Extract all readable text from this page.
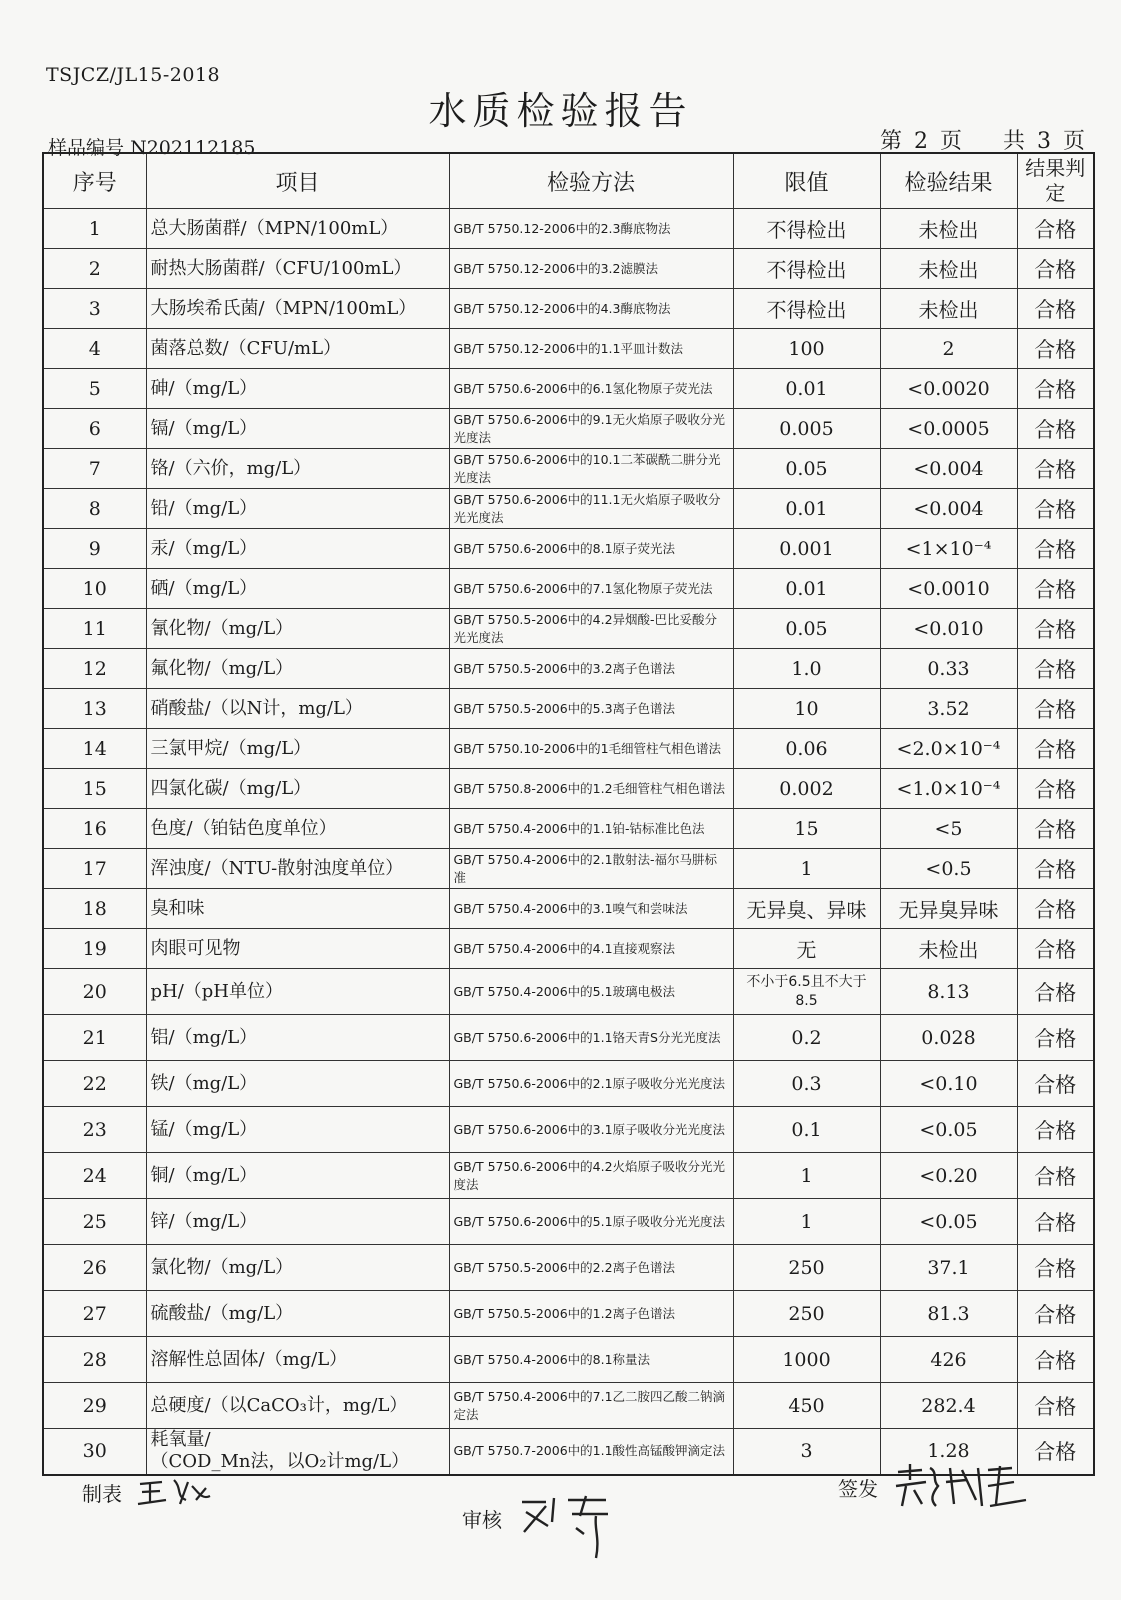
TSJCZ/JL15-2018
水质检验报告
样品编号 N202112185	第 2 页 共 3 页
序号	项目	检验方法	限值	检验结果	结果判定
1	总大肠菌群/（MPN/100mL）	GB/T 5750.12-2006中的2.3酶底物法	不得检出	未检出	合格
2	耐热大肠菌群/（CFU/100mL）	GB/T 5750.12-2006中的3.2滤膜法	不得检出	未检出	合格
3	大肠埃希氏菌/（MPN/100mL）	GB/T 5750.12-2006中的4.3酶底物法	不得检出	未检出	合格
4	菌落总数/（CFU/mL）	GB/T 5750.12-2006中的1.1平皿计数法	100	2	合格
5	砷/（mg/L）	GB/T 5750.6-2006中的6.1氢化物原子荧光法	0.01	<0.0020	合格
6	镉/（mg/L）	GB/T 5750.6-2006中的9.1无火焰原子吸收分光光度法	0.005	<0.0005	合格
7	铬/（六价，mg/L）	GB/T 5750.6-2006中的10.1二苯碳酰二肼分光光度法	0.05	<0.004	合格
8	铅/（mg/L）	GB/T 5750.6-2006中的11.1无火焰原子吸收分光光度法	0.01	<0.004	合格
9	汞/（mg/L）	GB/T 5750.6-2006中的8.1原子荧光法	0.001	<1×10⁻⁴	合格
10	硒/（mg/L）	GB/T 5750.6-2006中的7.1氢化物原子荧光法	0.01	<0.0010	合格
11	氰化物/（mg/L）	GB/T 5750.5-2006中的4.2异烟酸-巴比妥酸分光光度法	0.05	<0.010	合格
12	氟化物/（mg/L）	GB/T 5750.5-2006中的3.2离子色谱法	1.0	0.33	合格
13	硝酸盐/（以N计，mg/L）	GB/T 5750.5-2006中的5.3离子色谱法	10	3.52	合格
14	三氯甲烷/（mg/L）	GB/T 5750.10-2006中的1毛细管柱气相色谱法	0.06	<2.0×10⁻⁴	合格
15	四氯化碳/（mg/L）	GB/T 5750.8-2006中的1.2毛细管柱气相色谱法	0.002	<1.0×10⁻⁴	合格
16	色度/（铂钴色度单位）	GB/T 5750.4-2006中的1.1铂-钴标准比色法	15	<5	合格
17	浑浊度/（NTU-散射浊度单位）	GB/T 5750.4-2006中的2.1散射法-福尔马肼标准	1	<0.5	合格
18	臭和味	GB/T 5750.4-2006中的3.1嗅气和尝味法	无异臭、异味	无异臭异味	合格
19	肉眼可见物	GB/T 5750.4-2006中的4.1直接观察法	无	未检出	合格
20	pH/（pH单位）	GB/T 5750.4-2006中的5.1玻璃电极法	不小于6.5且不大于8.5	8.13	合格
21	铝/（mg/L）	GB/T 5750.6-2006中的1.1铬天青S分光光度法	0.2	0.028	合格
22	铁/（mg/L）	GB/T 5750.6-2006中的2.1原子吸收分光光度法	0.3	<0.10	合格
23	锰/（mg/L）	GB/T 5750.6-2006中的3.1原子吸收分光光度法	0.1	<0.05	合格
24	铜/（mg/L）	GB/T 5750.6-2006中的4.2火焰原子吸收分光光度法	1	<0.20	合格
25	锌/（mg/L）	GB/T 5750.6-2006中的5.1原子吸收分光光度法	1	<0.05	合格
26	氯化物/（mg/L）	GB/T 5750.5-2006中的2.2离子色谱法	250	37.1	合格
27	硫酸盐/（mg/L）	GB/T 5750.5-2006中的1.2离子色谱法	250	81.3	合格
28	溶解性总固体/（mg/L）	GB/T 5750.4-2006中的8.1称量法	1000	426	合格
29	总硬度/（以CaCO₃计，mg/L）	GB/T 5750.4-2006中的7.1乙二胺四乙酸二钠滴定法	450	282.4	合格
30	耗氧量/
（COD_Mn法，以O₂计mg/L）	GB/T 5750.7-2006中的1.1酸性高锰酸钾滴定法	3	1.28	合格
制表
审核
签发
